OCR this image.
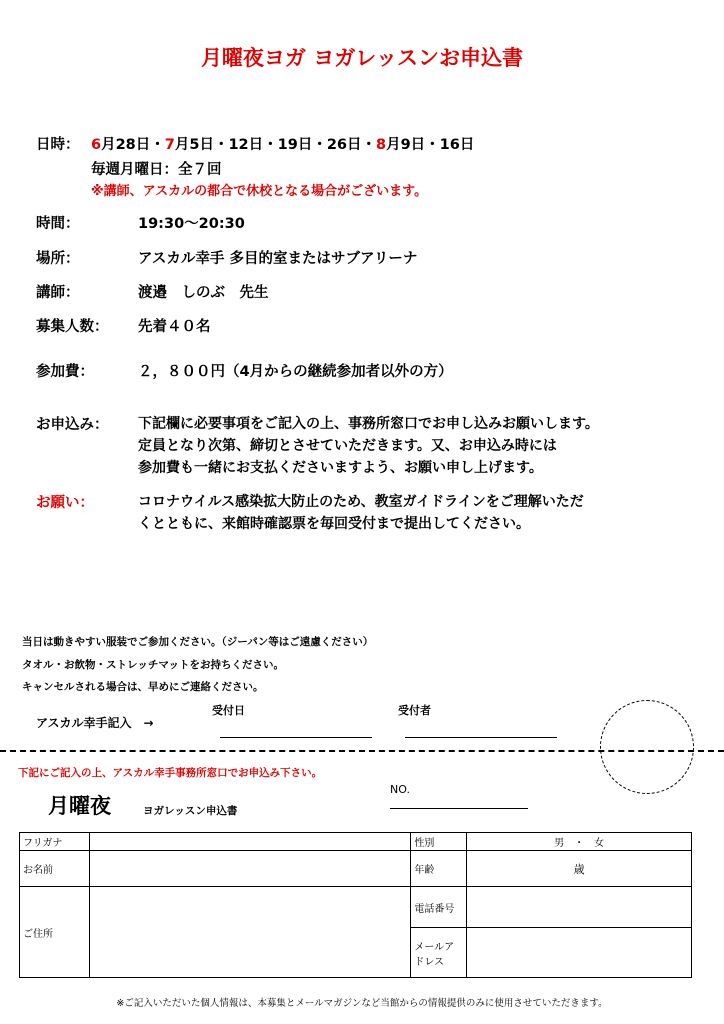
月曜夜ヨガ ヨガレッスンお申込書
日時： 6月28日・7月5日・12日・19日・26日・8月9日・16日
毎週月曜日：全７回
※講師、アスカルの都合で休校となる場合がございます。
時間：	19:30～20:30
場所：	アスカル幸手 多目的室またはサブアリーナ
講師：	渡邉　しのぶ　先生
募集人数： 先着４０名
参加費：	２，８００円（4月からの継続参加者以外の方）
お申込み： 下記欄に必要事項をご記入の上、事務所窓口でお申し込みお願いします。
定員となり次第、締切とさせていただきます。又、お申込み時には
参加費も一緒にお支払くださいますよう、お願い申し上げます。
お願い：	コロナウイルス感染拡大防止のため、教室ガイドラインをご理解いただ
くとともに、来館時確認票を毎回受付まで提出してください。
当日は動きやすい服装でご参加ください。（ジーパン等はご遠慮ください）
タオル・お飲物・ストレッチマットをお持ちください。
キャンセルされる場合は、早めにご連絡ください。
アスカル幸手記入　→
受付日	受付者
下記にご記入の上、アスカル幸手事務所窓口でお申込み下さい。
月曜夜	ヨガレッスン申込書
NO.
フリガナ		性別	男　・　女
お名前		年齢	歳
ご住所		電話番号	
		メールアドレス	
※ご記入いただいた個人情報は、本募集とメールマガジンなど当館からの情報提供のみに使用させていただきます。
